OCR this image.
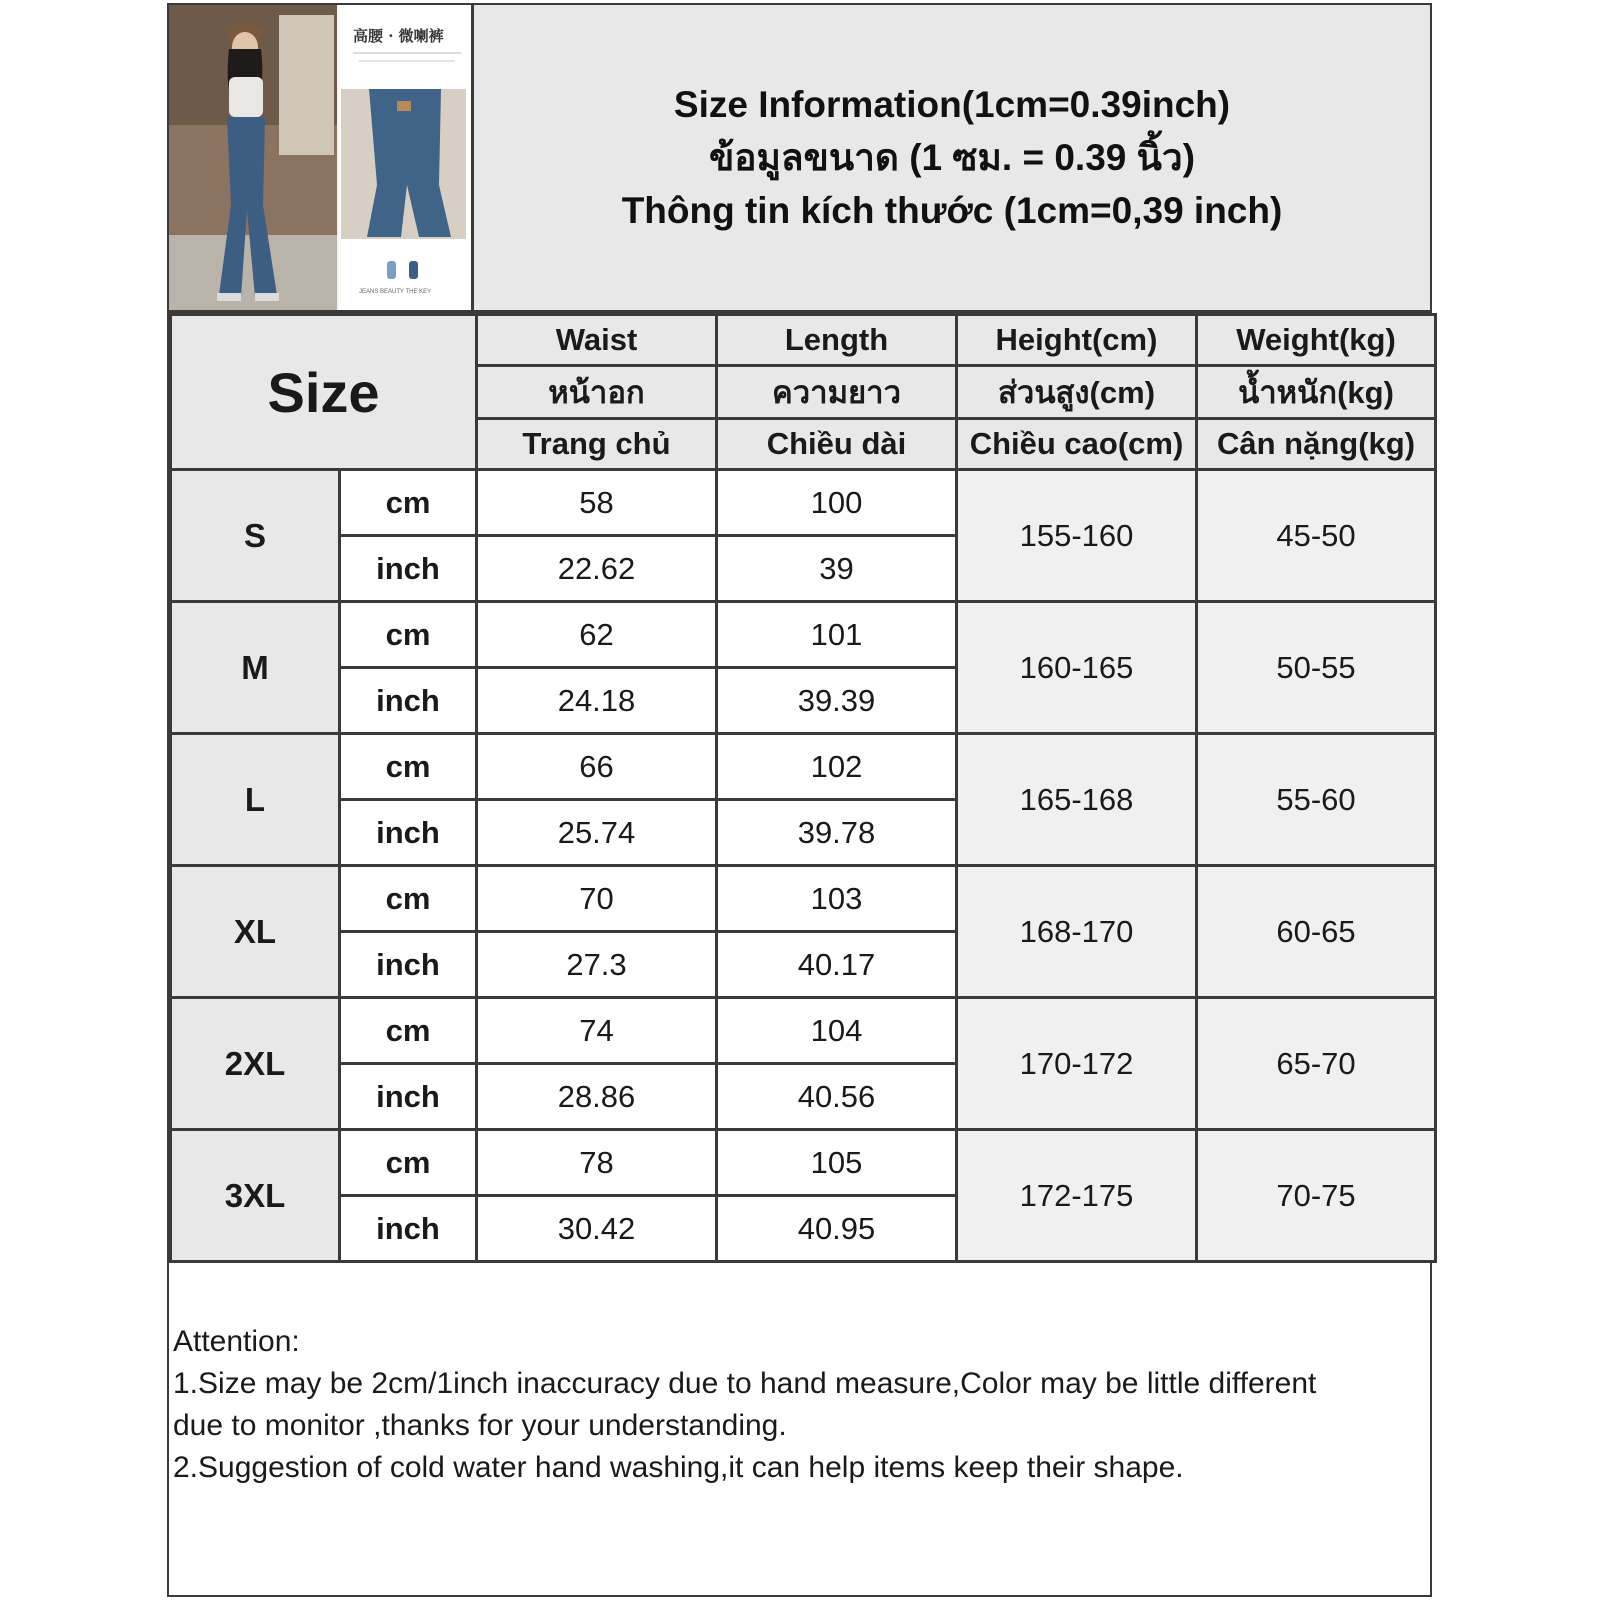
高腰 · 微喇裤
JEANS BEAUTY THE KEY
Size Information(1cm=0.39inch)
ข้อมูลขนาด (1 ซม. = 0.39 นิ้ว)
Thông tin kích thước (1cm=0,39 inch)
Size		Waist	Length	Height(cm)	Weight(kg)
		หน้าอก	ความยาว	ส่วนสูง(cm)	น้ำหนัก(kg)
		Trang chủ	Chiều dài	Chiều cao(cm)	Cân nặng(kg)
S	cm	58	100	155-160	45-50
	inch	22.62	39		
M	cm	62	101	160-165	50-55
	inch	24.18	39.39		
L	cm	66	102	165-168	55-60
	inch	25.74	39.78		
XL	cm	70	103	168-170	60-65
	inch	27.3	40.17		
2XL	cm	74	104	170-172	65-70
	inch	28.86	40.56		
3XL	cm	78	105	172-175	70-75
	inch	30.42	40.95		
Attention:
1.Size may be 2cm/1inch inaccuracy due to hand measure,Color may be little different
due to monitor ,thanks for your understanding.
2.Suggestion of cold water hand washing,it can help items keep their shape.
